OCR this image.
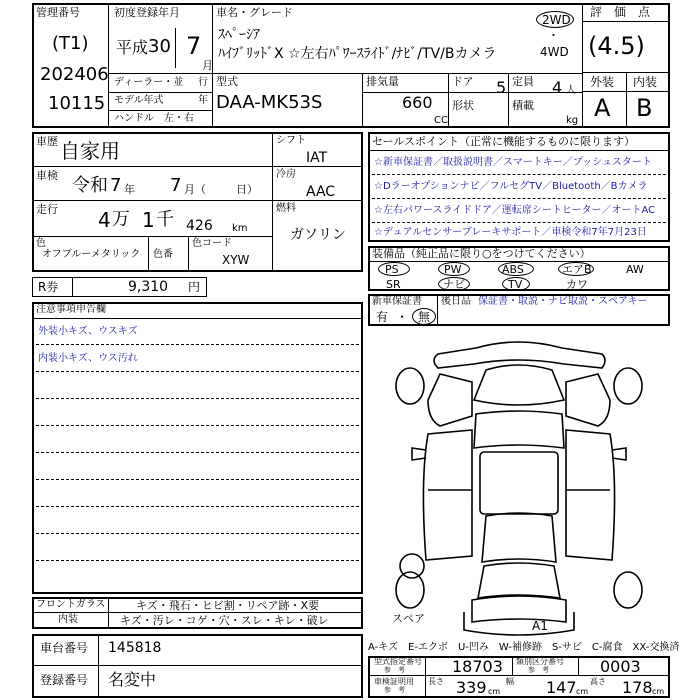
管理番号
(T1)
202406
10115
初度登録年月
平成 30 7
月
車名・グレード
ｽﾍﾟｰｼｱ
ﾊｲﾌﾞﾘｯﾄﾞX ☆左右ﾊﾟﾜｰｽﾗｲﾄﾞ/ﾅﾋﾞ/TV/Bカメラ
2WD
・
4WD
評　価　点
(4.5)
外装 内装
A B
ディーラー・並 行
モデル年式	年
ハンドル　左・右
型式
DAA-MK53S
排気量
660
CC
ドア 5 定員 4 人
形状	積載
kg
車歴 自家用
車検 令和 7 年 7 月（	日）
走行 4 万 1 千 426 km
色
オフブルーメタリック 色番
色コード
XYW
シフト
IAT
冷房
AAC
燃料
ガソリン
R券	9,310 円
セールスポイント（正常に機能するものに限ります）
☆新車保証書／取扱説明書／スマートキー／プッシュスタート
☆Dラーオプションナビ／フルセグTV／Bluetooth／Bカメラ
☆左右パワースライドドア／運転席シートヒーター／オートAC
☆デュアルセンサーブレーキサポート／車検令和7年7月23日
装備品（純正品に限り○をつけてください）
PS	PW	ABS	エアB	AW
SR	ナビ	TV	カワ
新車保証書
有 ・ 無
後日品 保証書・取説・ナビ取説・スペアキー
注意事項申告欄
外装小キズ、ウスキズ
内装小キズ、ウス汚れ
スペア
A1
フロントガラス	キズ・飛石・ヒビ割・リペア跡・X要
内装	キズ・汚レ・コゲ・穴・スレ・キレ・破レ
車台番号 145818
登録番号 名変中
A-キズ　E-エクボ　U-凹み　W-補修跡　S-サビ　C-腐食　XX-交換済
型式指定番号
参　考	18703 類別区分番号
参　考	0003
車検証明用
参　考
長さ 339 cm
幅 147 cm
高さ 178 cm
